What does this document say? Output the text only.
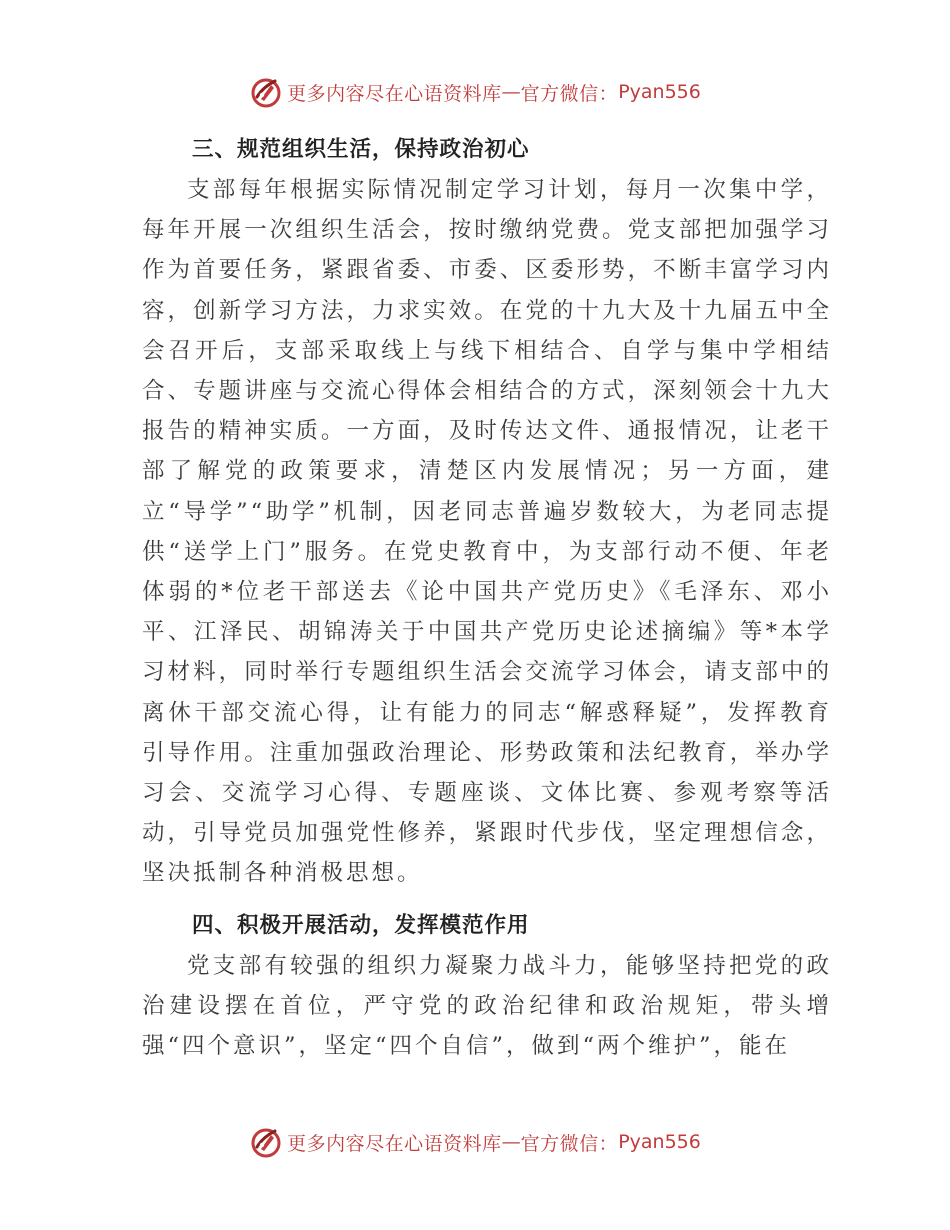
更多内容尽在心语资料库 — 官方微信： Pyan556
三、规范组织生活，保持政治初心

支部每年根据实际情况制定学习计划，每月一次集中学，每年开展一次组织生活会，按时缴纳党费。党支部把加强学习作为首要任务，紧跟省委、市委、区委形势，不断丰富学习内容，创新学习方法，力求实效。在党的十九大及十九届五中全会召开后，支部采取线上与线下相结合、自学与集中学相结合、专题讲座与交流心得体会相结合的方式，深刻领会十九大报告的精神实质。一方面，及时传达文件、通报情况，让老干部了解党的政策要求，清楚区内发展情况；另一方面，建立“导学”“助学”机制，因老同志普遍岁数较大，为老同志提供“送学上门”服务。在党史教育中，为支部行动不便、年老体弱的*位老干部送去《论中国共产党历史》《毛泽东、邓小平、江泽民、胡锦涛关于中国共产党历史论述摘编》等*本学习材料，同时举行专题组织生活会交流学习体会，请支部中的离休干部交流心得，让有能力的同志“解惑释疑”，发挥教育引导作用。注重加强政治理论、形势政策和法纪教育，举办学习会、交流学习心得、专题座谈、文体比赛、参观考察等活动，引导党员加强党性修养，紧跟时代步伐，坚定理想信念，坚决抵制各种消极思想。

四、积极开展活动，发挥模范作用

党支部有较强的组织力凝聚力战斗力，能够坚持把党的政治建设摆在首位，严守党的政治纪律和政治规矩，带头增强“四个意识”，坚定“四个自信”，做到“两个维护”，能在

更多内容尽在心语资料库 — 官方微信： Pyan556
